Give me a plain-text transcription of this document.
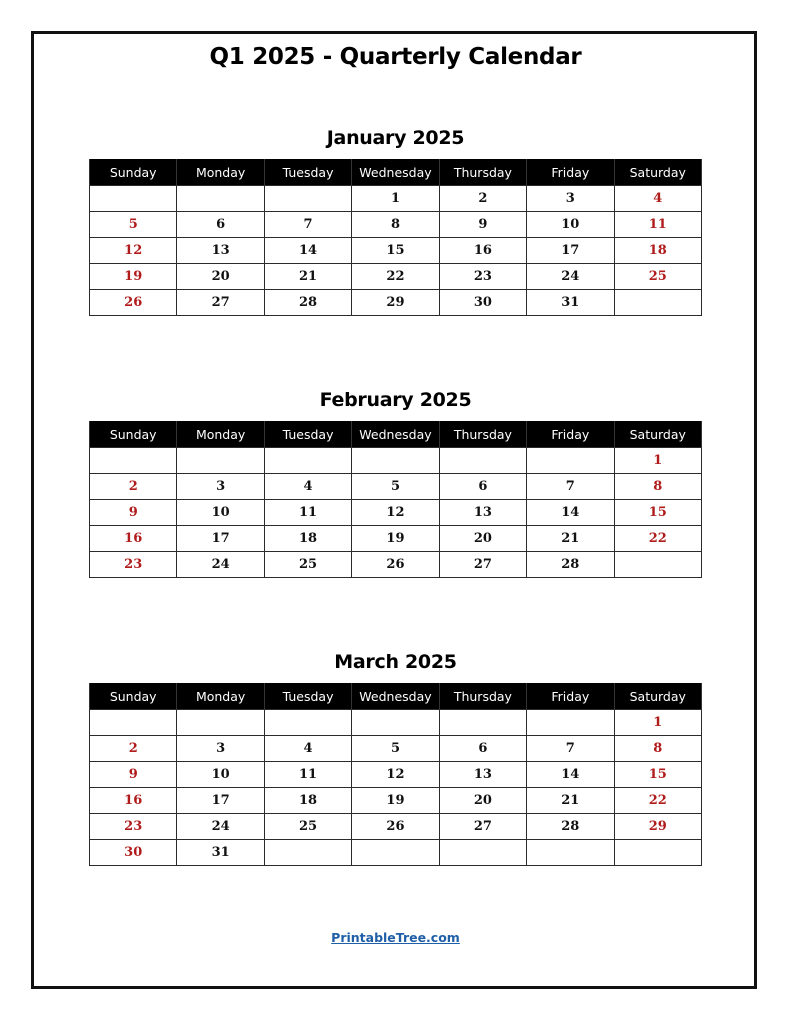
Q1 2025 - Quarterly Calendar
January 2025
Sunday	Monday	Tuesday	Wednesday	Thursday	Friday	Saturday
			1	2	3	4
5	6	7	8	9	10	11
12	13	14	15	16	17	18
19	20	21	22	23	24	25
26	27	28	29	30	31	
February 2025
Sunday	Monday	Tuesday	Wednesday	Thursday	Friday	Saturday
						1
2	3	4	5	6	7	8
9	10	11	12	13	14	15
16	17	18	19	20	21	22
23	24	25	26	27	28	
March 2025
Sunday	Monday	Tuesday	Wednesday	Thursday	Friday	Saturday
						1
2	3	4	5	6	7	8
9	10	11	12	13	14	15
16	17	18	19	20	21	22
23	24	25	26	27	28	29
30	31					
PrintableTree.com
